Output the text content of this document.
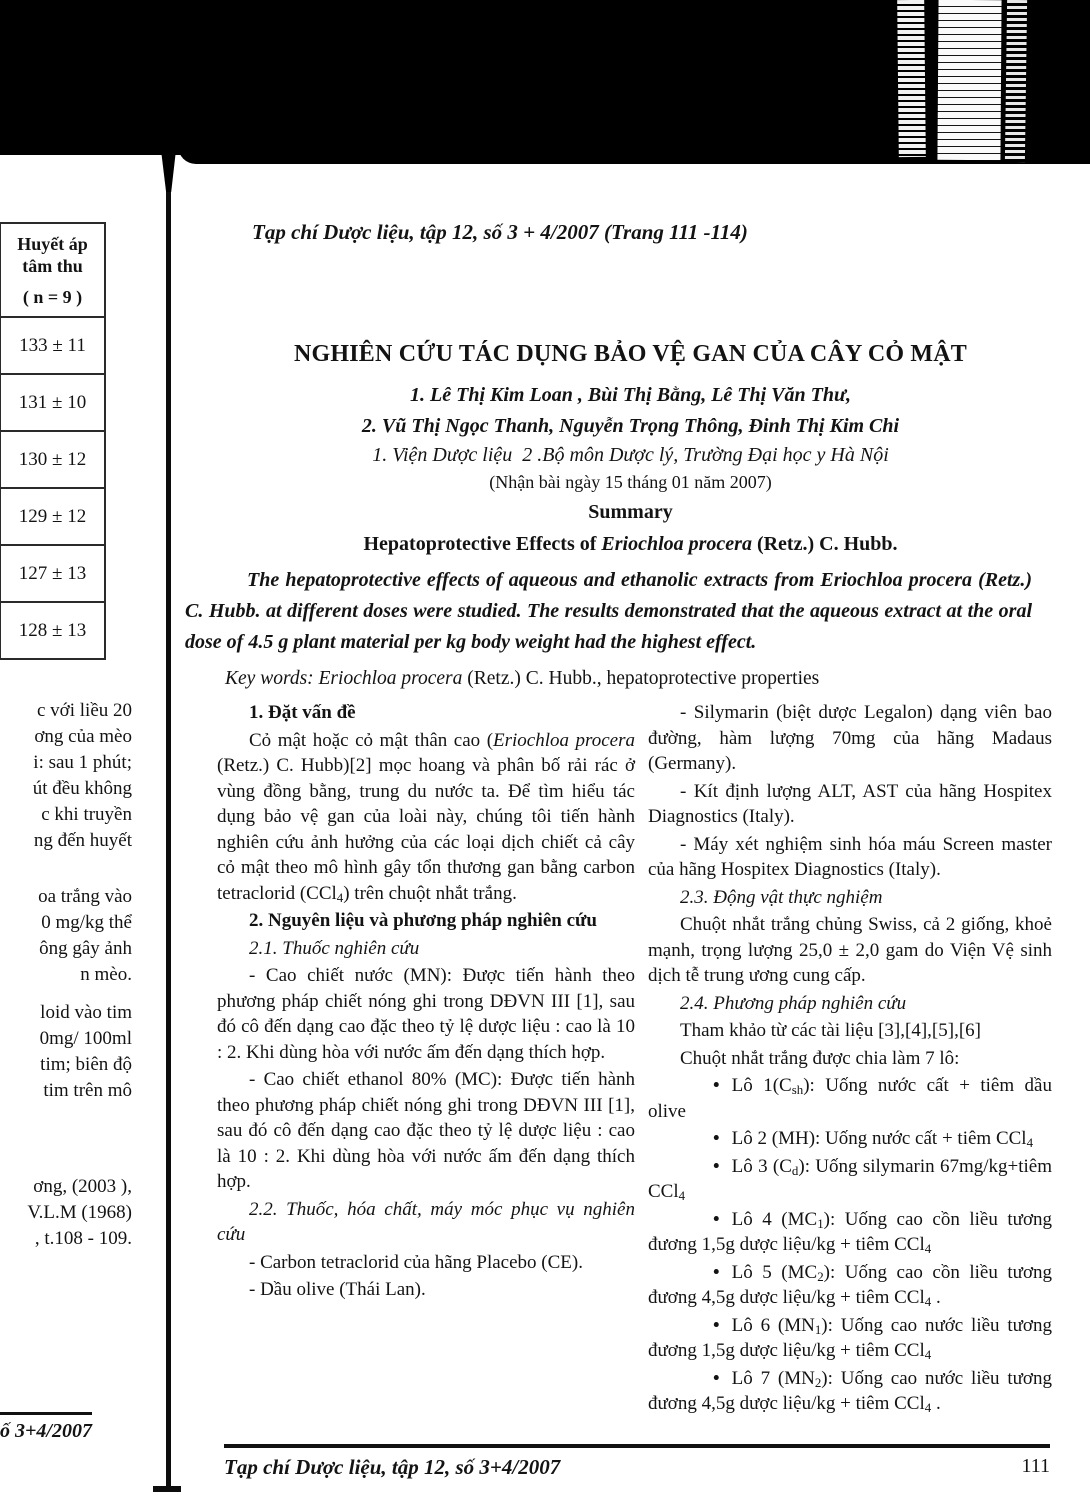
Huyết áp
tâm thu
( n = 9 )
133 ± 11
131 ± 10
130 ± 12
129 ± 12
127 ± 13
128 ± 13
c với liều 20
ơng của mèo
i: sau 1 phút;
út đều không
c khi truyền
ng đến huyết
oa trắng vào
0 mg/kg thể
ông gây ảnh
n mèo.
loid vào tim
0mg/ 100ml
tim; biên độ
tim trên mô
ơng, (2003 ),
V.L.M (1968)
, t.108 - 109.
ố 3+4/2007
Tạp chí Dược liệu, tập 12, số 3 + 4/2007 (Trang 111 -114)
NGHIÊN CỨU TÁC DỤNG BẢO VỆ GAN CỦA CÂY CỎ MẬT
1. Lê Thị Kim Loan , Bùi Thị Bằng, Lê Thị Văn Thư,
2. Vũ Thị Ngọc Thanh, Nguyễn Trọng Thông, Đinh Thị Kim Chi
1. Viện Dược liệu  2 .Bộ môn Dược lý, Trường Đại học y Hà Nội
(Nhận bài ngày 15 tháng 01 năm 2007)
Summary
Hepatoprotective Effects of Eriochloa procera (Retz.) C. Hubb.
The hepatoprotective effects of aqueous and ethanolic extracts from Eriochloa procera (Retz.) C. Hubb. at different doses were studied. The results demonstrated that the aqueous extract at the oral dose of 4.5 g plant material per kg body weight had the highest effect.
Key words: Eriochloa procera (Retz.) C. Hubb., hepatoprotective properties
1. Đặt vấn đề
Cỏ mật hoặc cỏ mật thân cao (Eriochloa procera (Retz.) C. Hubb)[2] mọc hoang và phân bố rải rác ở vùng đồng bằng, trung du nước ta. Để tìm hiểu tác dụng bảo vệ gan của loài này, chúng tôi tiến hành nghiên cứu ảnh hưởng của các loại dịch chiết cả cây cỏ mật theo mô hình gây tổn thương gan bằng carbon tetraclorid (CCl$_4$) trên chuột nhắt trắng.
2. Nguyên liệu và phương pháp nghiên cứu
2.1. Thuốc nghiên cứu
- Cao chiết nước (MN): Được tiến hành theo phương pháp chiết nóng ghi trong DĐVN III [1], sau đó cô đến dạng cao đặc theo tỷ lệ dược liệu : cao là 10 : 2. Khi dùng hòa với nước ấm đến dạng thích hợp.
- Cao chiết ethanol 80% (MC): Được tiến hành theo phương pháp chiết nóng ghi trong DĐVN III [1], sau đó cô đến dạng cao đặc theo tỷ lệ dược liệu : cao là 10 : 2. Khi dùng hòa với nước ấm đến dạng thích hợp.
2.2. Thuốc, hóa chất, máy móc phục vụ nghiên cứu
- Carbon tetraclorid của hãng Placebo (CE).
- Dầu olive (Thái Lan).
- Silymarin (biệt dược Legalon) dạng viên bao đường, hàm lượng 70mg của hãng Madaus (Germany).
- Kít định lượng ALT, AST của hãng Hospitex Diagnostics (Italy).
- Máy xét nghiệm sinh hóa máu Screen master của hãng Hospitex Diagnostics (Italy).
2.3. Động vật thực nghiệm
Chuột nhắt trắng chủng Swiss, cả 2 giống, khoẻ mạnh, trọng lượng 25,0 ± 2,0 gam do Viện Vệ sinh dịch tễ trung ương cung cấp.
2.4. Phương pháp nghiên cứu
Tham khảo từ các tài liệu [3],[4],[5],[6]
Chuột nhắt trắng được chia làm 7 lô:
• Lô $1(C_{sh})$: Uống nước cất + tiêm dầu olive
• Lô 2 (MH): Uống nước cất + tiêm CCl$_4$
• Lô 3 $(C_d)$: Uống silymarin 67mg/kg+tiêm CCl$_4$
• Lô 4 $(MC_1)$: Uống cao cồn liều tương đương 1,5g dược liệu/kg + tiêm CCl$_4$
• Lô 5 $(MC_2)$: Uống cao cồn liều tương đương 4,5g dược liệu/kg + tiêm CCl$_4$ .
• Lô 6 $(MN_1)$: Uống cao nước liều tương đương 1,5g dược liệu/kg + tiêm CCl$_4$
• Lô 7 $(MN_2)$: Uống cao nước liều tương đương 4,5g dược liệu/kg + tiêm CCl$_4$ .
Tạp chí Dược liệu, tập 12, số 3+4/2007	111
